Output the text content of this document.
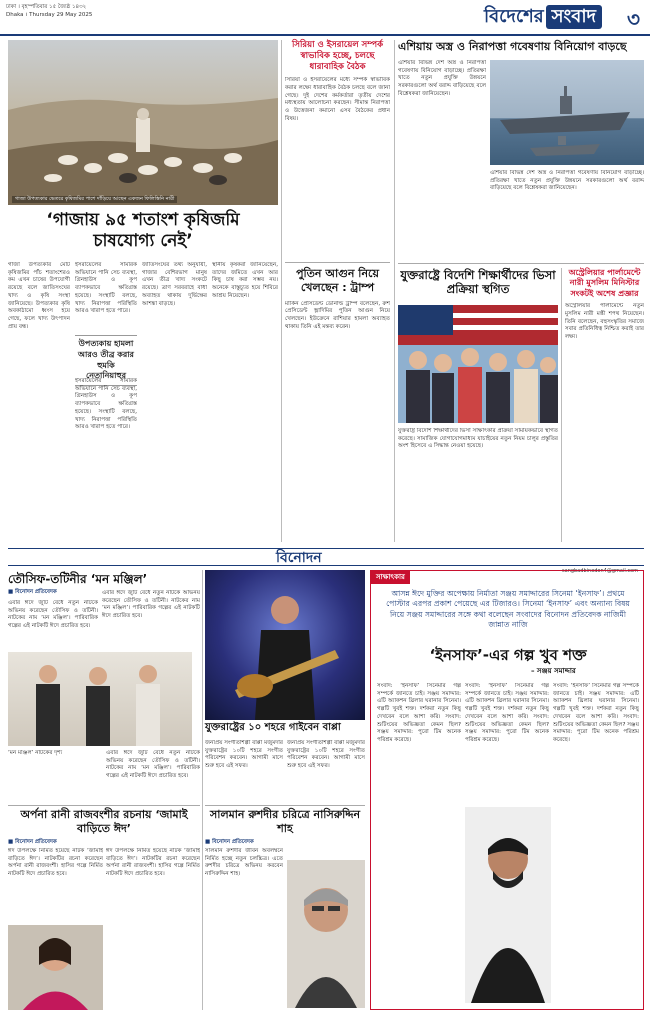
ঢাকা । বৃহস্পতিবার ১৫ জ্যৈষ্ঠ ১৪৩২
Dhaka । Thursday 29 May 2025	বিদেশের সংবাদ	৩
গাজা উপত্যকার ভেতরে কৃষিজমির পাশে দাঁড়িয়ে আছেন একজন ফিলিস্তিনি নারী
সিরিয়া ও ইসরায়েল সম্পর্ক স্বাভাবিক হচ্ছে, চলছে ধারাবাহিক বৈঠক
সিরিয়া ও ইসরায়েলের মধ্যে সম্পর্ক স্বাভাবিক করার লক্ষ্যে ধারাবাহিক বৈঠক চলছে বলে জানা গেছে। দুই দেশের কর্মকর্তারা তৃতীয় দেশের মধ্যস্থতায় আলোচনা করছেন। সীমান্ত নিরাপত্তা ও উত্তেজনা কমানো এসব বৈঠকের প্রধান বিষয়।
পুতিন আগুন নিয়ে খেলছেন : ট্রাম্প
মার্কিন প্রেসিডেন্ট ডোনাল্ড ট্রাম্প বলেছেন, রুশ প্রেসিডেন্ট ভ্লাদিমির পুতিন আগুন নিয়ে খেলছেন। ইউক্রেনে রাশিয়ার হামলা অব্যাহত থাকায় তিনি এই মন্তব্য করেন।
এশিয়ায় অস্ত্র ও নিরাপত্তা গবেষণায় বিনিয়োগ বাড়ছে
এশিয়ার বিভিন্ন দেশ অস্ত্র ও নিরাপত্তা গবেষণায় বিনিয়োগ বাড়াচ্ছে। প্রতিরক্ষা খাতে নতুন প্রযুক্তি উন্নয়নে সরকারগুলো অর্থ বরাদ্দ বাড়িয়েছে বলে বিশ্লেষকরা জানিয়েছেন।
এশিয়ার বিভিন্ন দেশ অস্ত্র ও নিরাপত্তা গবেষণায় বিনিয়োগ বাড়াচ্ছে। প্রতিরক্ষা খাতে নতুন প্রযুক্তি উন্নয়নে সরকারগুলো অর্থ বরাদ্দ বাড়িয়েছে বলে বিশ্লেষকরা জানিয়েছেন।
‘গাজায় ৯৫ শতাংশ কৃষিজমি
চাষযোগ্য নেই’
গাজা উপত্যকার মোট কৃষিজমির পাঁচ শতাংশেরও কম এখন চাষের উপযোগী রয়েছে বলে জাতিসংঘের খাদ্য ও কৃষি সংস্থা জানিয়েছে। উপত্যকার কৃষি অবকাঠামো ধ্বংস হয়ে গেছে, ফলে খাদ্য উৎপাদন প্রায় বন্ধ।
ইসরায়েলের সামরিক অভিযানে পানি সেচ ব্যবস্থা, গ্রিনহাউস ও কূপ ব্যাপকভাবে ক্ষতিগ্রস্ত হয়েছে। সংস্থাটি বলছে, খাদ্য নিরাপত্তা পরিস্থিতি আরও খারাপ হতে পারে।
উপত্যকায় হামলা আরও তীব্র করার হুমকি নেতানিয়াহুর
ইসরায়েলের সামরিক অভিযানে পানি সেচ ব্যবস্থা, গ্রিনহাউস ও কূপ ব্যাপকভাবে ক্ষতিগ্রস্ত হয়েছে। সংস্থাটি বলছে, খাদ্য নিরাপত্তা পরিস্থিতি আরও খারাপ হতে পারে।
জাতিসংঘের তথ্য অনুযায়ী, গাজার বেশিরভাগ মানুষ এখন তীব্র খাদ্য সংকটে রয়েছে। ত্রাণ সরবরাহে বাধা অব্যাহত থাকায় দুর্ভিক্ষের আশঙ্কা বাড়ছে।
স্থানীয় কৃষকরা জানিয়েছেন, তাদের জমিতে এখন আর কিছু চাষ করা সম্ভব নয়। অনেকে বাস্তুচ্যুত হয়ে শিবিরে আশ্রয় নিয়েছেন।
যুক্তরাষ্ট্রে বিদেশি শিক্ষার্থীদের ভিসা প্রক্রিয়া স্থগিত
যুক্তরাষ্ট্র বিদেশি শিক্ষার্থীদের ভিসা সাক্ষাৎকার প্রক্রিয়া সাময়িকভাবে স্থগিত করেছে। সামাজিক যোগাযোগমাধ্যম যাচাইয়ের নতুন নিয়ম চালুর প্রস্তুতির অংশ হিসেবে এ সিদ্ধান্ত নেওয়া হয়েছে।
অস্ট্রেলিয়ার পার্লামেন্টে নারী মুসলিম মিনিস্টার সংকটই অশেষ প্রজ্ঞার
অস্ট্রেলিয়ার পার্লামেন্টে নতুন মুসলিম নারী মন্ত্রী শপথ নিয়েছেন। তিনি বলেছেন, বহুসংস্কৃতির সমাজে সবার প্রতিনিধিত্ব নিশ্চিত করাই তার লক্ষ্য।
বিনোদন
sangbadbinodon4@gmail.com
তৌসিফ-তটিনীর ‘মন মঞ্জিল’
■ বিনোদন প্রতিবেদক
এবার ঈদে জুটি বেঁধে নতুন নাটকে অভিনয় করেছেন তৌসিফ ও তটিনী। নাটকের নাম ‘মন মঞ্জিল’। পারিবারিক গল্পের এই নাটকটি ঈদে প্রচারিত হবে।
এবার ঈদে জুটি বেঁধে নতুন নাটকে অভিনয় করেছেন তৌসিফ ও তটিনী। নাটকের নাম ‘মন মঞ্জিল’। পারিবারিক গল্পের এই নাটকটি ঈদে প্রচারিত হবে।
‘মন মঞ্জিল’ নাটকের দৃশ্য	এবার ঈদে জুটি বেঁধে নতুন নাটকে অভিনয় করেছেন তৌসিফ ও তটিনী। নাটকের নাম ‘মন মঞ্জিল’। পারিবারিক গল্পের এই নাটকটি ঈদে প্রচারিত হবে।
যুক্তরাষ্ট্রের ১০ শহরে গাইবেন বাপ্পা
জনপ্রিয় সংগীতশিল্পী বাপ্পা মজুমদার যুক্তরাষ্ট্রের ১০টি শহরে সংগীত পরিবেশন করবেন। আগামী মাসে শুরু হবে এই সফর।
জনপ্রিয় সংগীতশিল্পী বাপ্পা মজুমদার যুক্তরাষ্ট্রের ১০টি শহরে সংগীত পরিবেশন করবেন। আগামী মাসে শুরু হবে এই সফর।
অর্পনা রানী রাজবংশীর রচনায় ‘জামাই বাড়িতে ঈদ’
■ বিনোদন প্রতিবেদক
ঈদ উপলক্ষে নির্মিত হয়েছে নাটক ‘জামাই বাড়িতে ঈদ’। নাটকটির রচনা করেছেন অর্পনা রানী রাজবংশী। হাসির গল্পে নির্মিত নাটকটি ঈদে প্রচারিত হবে।
ঈদ উপলক্ষে নির্মিত হয়েছে নাটক ‘জামাই বাড়িতে ঈদ’। নাটকটির রচনা করেছেন অর্পনা রানী রাজবংশী। হাসির গল্পে নির্মিত নাটকটি ঈদে প্রচারিত হবে।
সালমান রুশদীর চরিত্রে নাসিরুদ্দিন শাহ
■ বিনোদন প্রতিবেদক
সালমান রুশদীর জীবন অবলম্বনে নির্মিত হচ্ছে নতুন চলচ্চিত্র। এতে রুশদীর চরিত্রে অভিনয় করবেন নাসিরুদ্দিন শাহ।
সাক্ষাৎকার
আসন্ন ঈদে মুক্তির অপেক্ষায় নির্মাতা সঞ্জয় সমাদ্দারের সিনেমা ‘ইনসাফ’। প্রথমে পোস্টার এরপর প্রকাশ পেয়েছে এর টিজারও। সিনেমা ‘ইনসাফ’ এবং অন্যান্য বিষয় নিয়ে সঞ্জয় সমাদ্দারের সঙ্গে কথা বলেছেন সংবাদের বিনোদন প্রতিবেদক নাজিমী জান্নাত নাজি
‘ইনসাফ’-এর গল্প খুব শক্ত
– সঞ্জয় সমাদ্দার
সংবাদ: ‘ইনসাফ’ সিনেমার গল্প সম্পর্কে জানতে চাই। সঞ্জয় সমাদ্দার: এটি অ্যাকশন থ্রিলার ঘরানার সিনেমা। গল্পটি খুবই শক্ত। দর্শকরা নতুন কিছু দেখবেন বলে আশা করি। সংবাদ: শুটিংয়ের অভিজ্ঞতা কেমন ছিল? সঞ্জয় সমাদ্দার: পুরো টিম অনেক পরিশ্রম করেছে।
সংবাদ: ‘ইনসাফ’ সিনেমার গল্প সম্পর্কে জানতে চাই। সঞ্জয় সমাদ্দার: এটি অ্যাকশন থ্রিলার ঘরানার সিনেমা। গল্পটি খুবই শক্ত। দর্শকরা নতুন কিছু দেখবেন বলে আশা করি। সংবাদ: শুটিংয়ের অভিজ্ঞতা কেমন ছিল? সঞ্জয় সমাদ্দার: পুরো টিম অনেক পরিশ্রম করেছে।
সংবাদ: ‘ইনসাফ’ সিনেমার গল্প সম্পর্কে জানতে চাই। সঞ্জয় সমাদ্দার: এটি অ্যাকশন থ্রিলার ঘরানার সিনেমা। গল্পটি খুবই শক্ত। দর্শকরা নতুন কিছু দেখবেন বলে আশা করি। সংবাদ: শুটিংয়ের অভিজ্ঞতা কেমন ছিল? সঞ্জয় সমাদ্দার: পুরো টিম অনেক পরিশ্রম করেছে।
